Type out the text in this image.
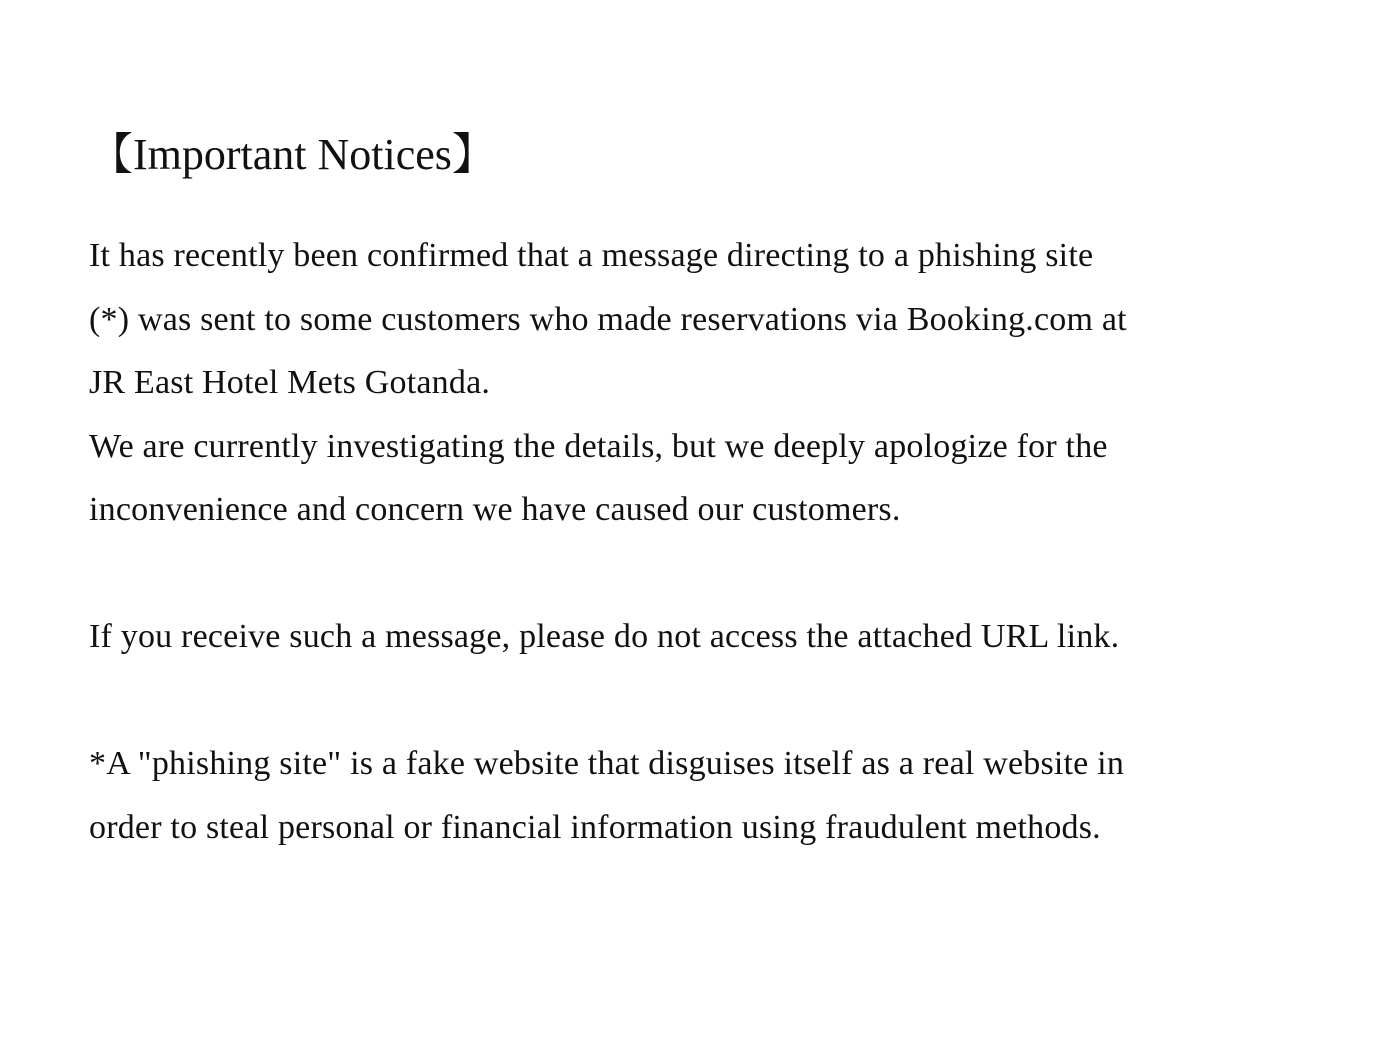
【Important Notices】
It has recently been confirmed that a message directing to a phishing site
(*) was sent to some customers who made reservations via Booking.com at
JR East Hotel Mets Gotanda.
We are currently investigating the details, but we deeply apologize for the
inconvenience and concern we have caused our customers.
If you receive such a message, please do not access the attached URL link.
*A "phishing site" is a fake website that disguises itself as a real website in
order to steal personal or financial information using fraudulent methods.
